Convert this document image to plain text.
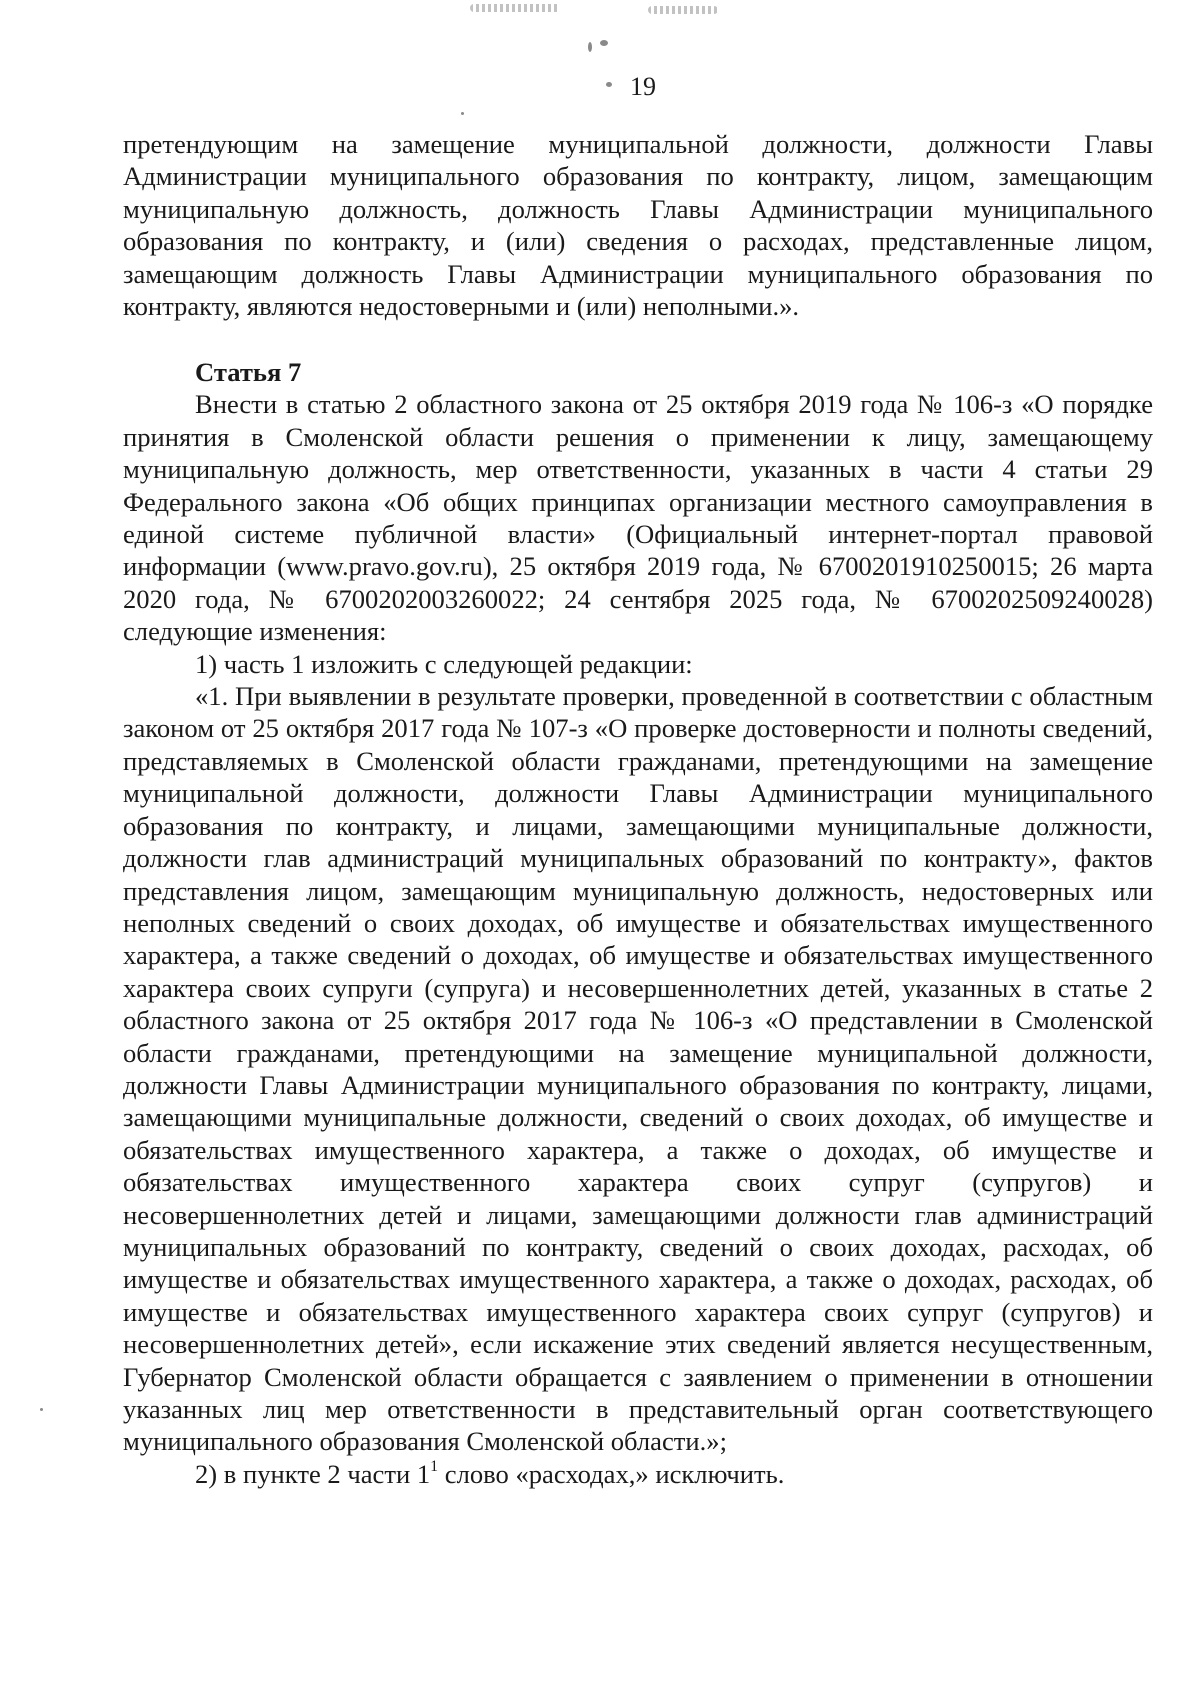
19

претендующим на замещение муниципальной должности, должности Главы Администрации муниципального образования по контракту, лицом, замещающим муниципальную должность, должность Главы Администрации муниципального образования по контракту, и (или) сведения о расходах, представленные лицом, замещающим должность Главы Администрации муниципального образования по контракту, являются недостоверными и (или) неполными.».

Статья 7

Внести в статью 2 областного закона от 25 октября 2019 года № 106-з «О порядке принятия в Смоленской области решения о применении к лицу, замещающему муниципальную должность, мер ответственности, указанных в части 4 статьи 29 Федерального закона «Об общих принципах организации местного самоуправления в единой системе публичной власти» (Официальный интернет-портал правовой информации (www.pravo.gov.ru), 25 октября 2019 года, № 6700201910250015; 26 марта 2020 года, № 6700202003260022; 24 сентября 2025 года, № 6700202509240028) следующие изменения:

1) часть 1 изложить с следующей редакции:

«1. При выявлении в результате проверки, проведенной в соответствии с областным законом от 25 октября 2017 года № 107-з «О проверке достоверности и полноты сведений, представляемых в Смоленской области гражданами, претендующими на замещение муниципальной должности, должности Главы Администрации муниципального образования по контракту, и лицами, замещающими муниципальные должности, должности глав администраций муниципальных образований по контракту», фактов представления лицом, замещающим муниципальную должность, недостоверных или неполных сведений о своих доходах, об имуществе и обязательствах имущественного характера, а также сведений о доходах, об имуществе и обязательствах имущественного характера своих супруги (супруга) и несовершеннолетних детей, указанных в статье 2 областного закона от 25 октября 2017 года № 106-з «О представлении в Смоленской области гражданами, претендующими на замещение муниципальной должности, должности Главы Администрации муниципального образования по контракту, лицами, замещающими муниципальные должности, сведений о своих доходах, об имуществе и обязательствах имущественного характера, а также о доходах, об имуществе и обязательствах имущественного характера своих супруг (супругов) и несовершеннолетних детей и лицами, замещающими должности глав администраций муниципальных образований по контракту, сведений о своих доходах, расходах, об имуществе и обязательствах имущественного характера, а также о доходах, расходах, об имуществе и обязательствах имущественного характера своих супруг (супругов) и несовершеннолетних детей», если искажение этих сведений является несущественным, Губернатор Смоленской области обращается с заявлением о применении в отношении указанных лиц мер ответственности в представительный орган соответствующего муниципального образования Смоленской области.»;

2) в пункте 2 части $1^1$ слово «расходах,» исключить.
